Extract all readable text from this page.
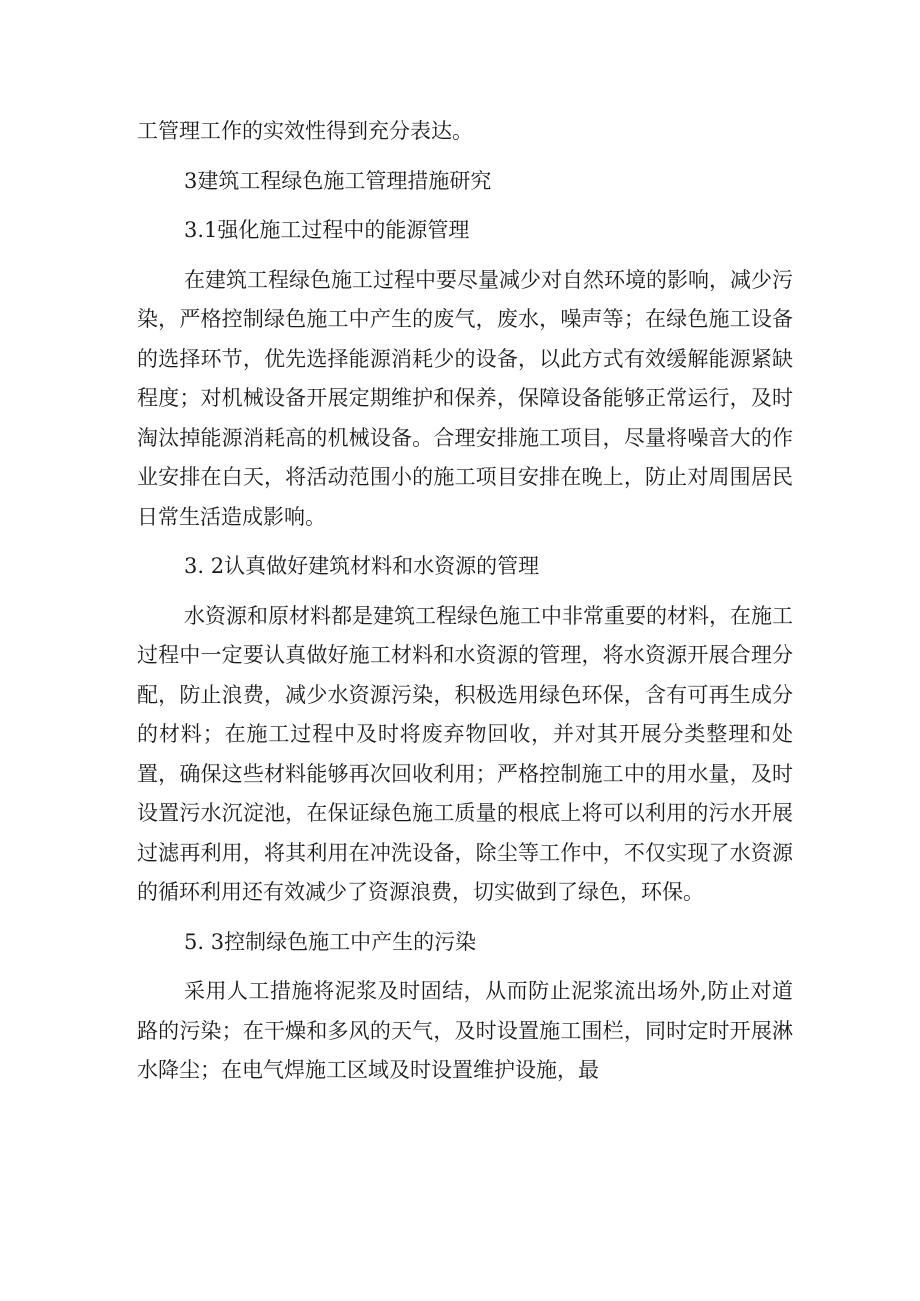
工管理工作的实效性得到充分表达。

3建筑工程绿色施工管理措施研究

3.1强化施工过程中的能源管理

在建筑工程绿色施工过程中要尽量减少对自然环境的影响，减少污染，严格控制绿色施工中产生的废气，废水，噪声等；在绿色施工设备的选择环节，优先选择能源消耗少的设备，以此方式有效缓解能源紧缺程度；对机械设备开展定期维护和保养，保障设备能够正常运行，及时淘汰掉能源消耗高的机械设备。合理安排施工项目，尽量将噪音大的作业安排在白天，将活动范围小的施工项目安排在晚上，防止对周围居民日常生活造成影响。

3. 2认真做好建筑材料和水资源的管理

水资源和原材料都是建筑工程绿色施工中非常重要的材料，在施工过程中一定要认真做好施工材料和水资源的管理，将水资源开展合理分配，防止浪费，减少水资源污染，积极选用绿色环保，含有可再生成分的材料；在施工过程中及时将废弃物回收，并对其开展分类整理和处置，确保这些材料能够再次回收利用；严格控制施工中的用水量，及时设置污水沉淀池，在保证绿色施工质量的根底上将可以利用的污水开展过滤再利用，将其利用在冲洗设备，除尘等工作中，不仅实现了水资源的循环利用还有效减少了资源浪费，切实做到了绿色，环保。

5. 3控制绿色施工中产生的污染

采用人工措施将泥浆及时固结，从而防止泥浆流出场外,防止对道路的污染；在干燥和多风的天气，及时设置施工围栏，同时定时开展淋水降尘；在电气焊施工区域及时设置维护设施，最
